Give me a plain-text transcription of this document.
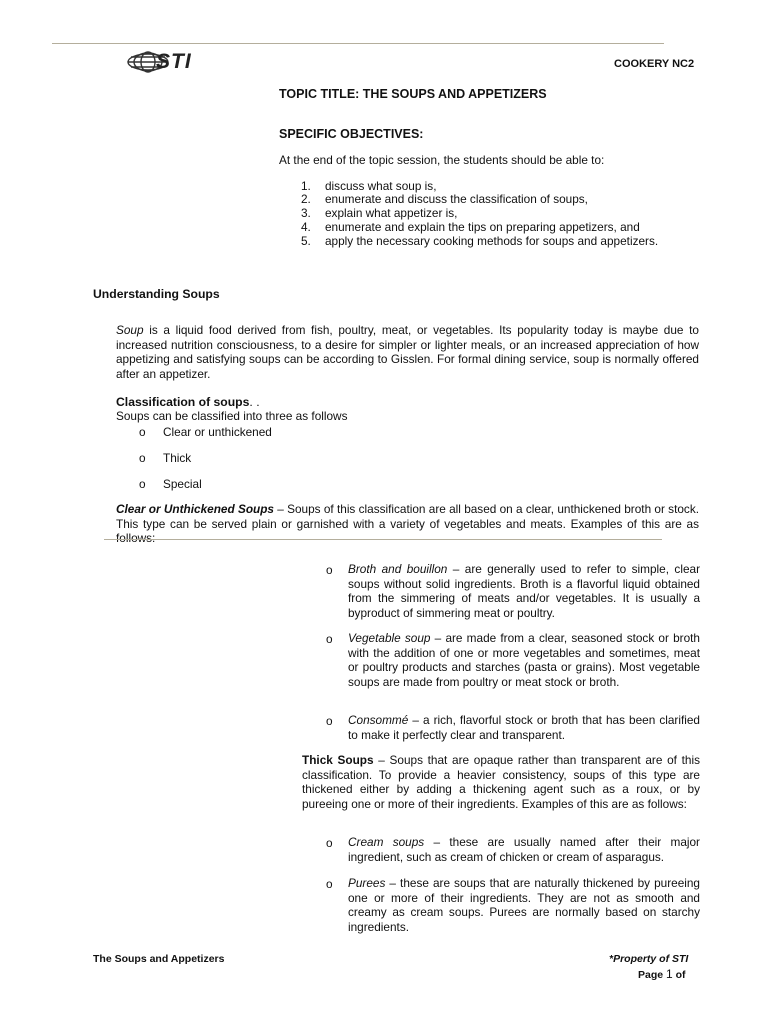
STI	COOKERY NC2
TOPIC TITLE: THE SOUPS AND APPETIZERS
SPECIFIC OBJECTIVES:
At the end of the topic session, the students should be able to:
1. discuss what soup is,
2. enumerate and discuss the classification of soups,
3. explain what appetizer is,
4. enumerate and explain the tips on preparing appetizers, and
5. apply the necessary cooking methods for soups and appetizers.
Understanding Soups

Soup is a liquid food derived from fish, poultry, meat, or vegetables. Its popularity today is maybe due to increased nutrition consciousness, to a desire for simpler or lighter meals, or an increased appreciation of how appetizing and satisfying soups can be according to Gisslen. For formal dining service, soup is normally offered after an appetizer.

Classification of soups. .
Soups can be classified into three as follows
o Clear or unthickened
o Thick
o Special

Clear or Unthickened Soups – Soups of this classification are all based on a clear, unthickened broth or stock. This type can be served plain or garnished with a variety of vegetables and meats. Examples of this are as follows:

o Broth and bouillon – are generally used to refer to simple, clear soups without solid ingredients. Broth is a flavorful liquid obtained from the simmering of meats and/or vegetables. It is usually a byproduct of simmering meat or poultry.

o Vegetable soup – are made from a clear, seasoned stock or broth with the addition of one or more vegetables and sometimes, meat or poultry products and starches (pasta or grains). Most vegetable soups are made from poultry or meat stock or broth.

o Consommé – a rich, flavorful stock or broth that has been clarified to make it perfectly clear and transparent.

Thick Soups – Soups that are opaque rather than transparent are of this classification. To provide a heavier consistency, soups of this type are thickened either by adding a thickening agent such as a roux, or by pureeing one or more of their ingredients. Examples of this are as follows:

o Cream soups – these are usually named after their major ingredient, such as cream of chicken or cream of asparagus.

o Purees – these are soups that are naturally thickened by pureeing one or more of their ingredients. They are not as smooth and creamy as cream soups. Purees are normally based on starchy ingredients.

The Soups and Appetizers	*Property of STI
Page 1 of
